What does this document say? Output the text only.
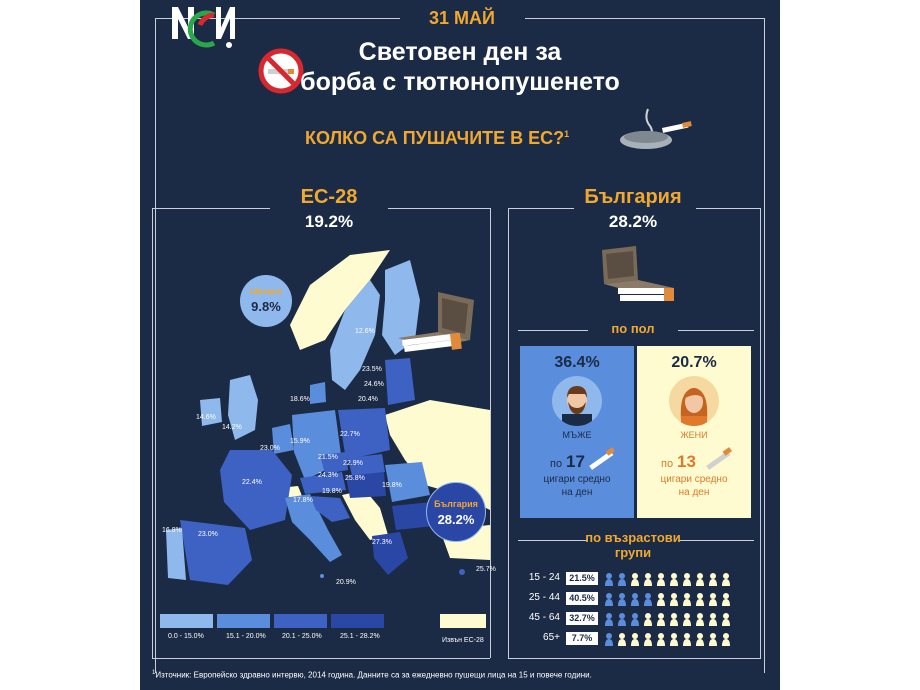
31 МАЙ
Световен ден за
борба с тютюнопушенето
КОЛКО СА ПУШАЧИТЕ В ЕС?$^1$
ЕС-28
19.2%
12.6%
23.5%
24.6%
20.4%
19.8%
14.2%
15.9%
22.7%
21.5%
22.9%
24.3% 25.8%
19.8%
22.4%
17.8%
23.0%
16.8%
27.3%
20.9%
25.7%
18.6%
23.0%
14.6%
Швеция
9.8%
България
28.2%
0.0 - 15.0%	15.1 - 20.0% 20.1 - 25.0%	25.1 - 28.2%
Извън ЕС-28
България
28.2%
по пол
36.4%
МЪЖЕ
по 17
цигари средно
на ден
20.7%
ЖЕНИ
по 13
цигари средно
на ден
по възрастови
групи
15 - 24	21.5%
25 - 44	40.5%
45 - 64	32.7%
65+	7.7%
$^1$Източник: Европейско здравно интервю, 2014 година. Данните са за ежедневно пушещи лица на 15 и повече години.
